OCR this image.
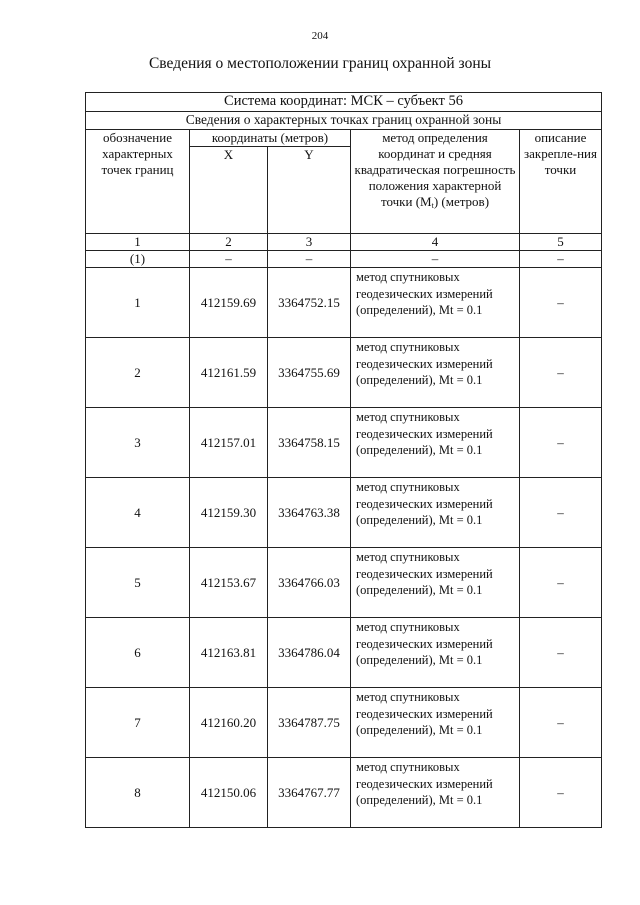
204
Сведения о местоположении границ охранной зоны
Система координат: МСК – субъект 56				
Сведения о характерных точках границ охранной зоны				
обозначение характерных точек границ	координаты (метров)		метод определения координат и средняя квадратическая погрешность положения характерной точки $(M_t)$ (метров)	описание закрепле-ния точки
	X	Y		
1	2	3	4	5
(1)	–	–	–	–
1	412159.69	3364752.15	метод спутниковых геодезических измерений (определений), Mt = 0.1	–
2	412161.59	3364755.69	метод спутниковых геодезических измерений (определений), Mt = 0.1	–
3	412157.01	3364758.15	метод спутниковых геодезических измерений (определений), Mt = 0.1	–
4	412159.30	3364763.38	метод спутниковых геодезических измерений (определений), Mt = 0.1	–
5	412153.67	3364766.03	метод спутниковых геодезических измерений (определений), Mt = 0.1	–
6	412163.81	3364786.04	метод спутниковых геодезических измерений (определений), Mt = 0.1	–
7	412160.20	3364787.75	метод спутниковых геодезических измерений (определений), Mt = 0.1	–
8	412150.06	3364767.77	метод спутниковых геодезических измерений (определений), Mt = 0.1	–
